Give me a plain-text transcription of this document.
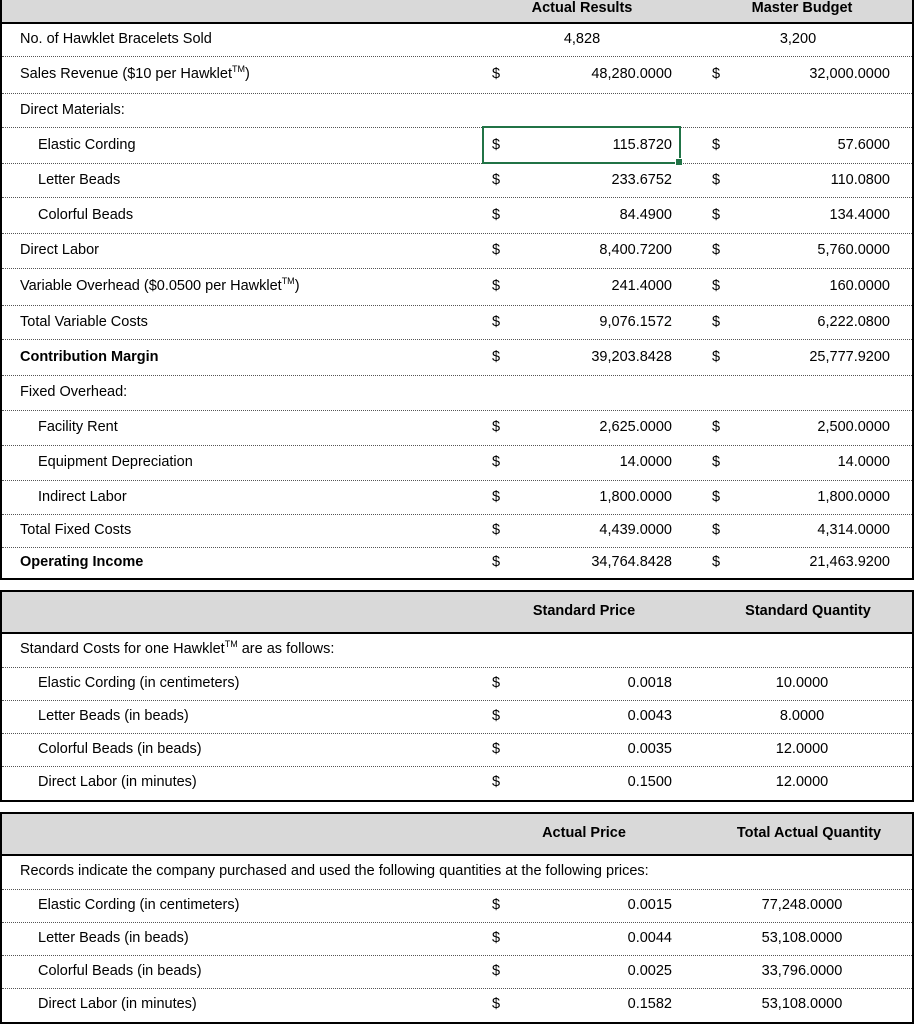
Actual Results	Master Budget
No. of Hawklet Bracelets Sold	4,828	3,200
Sales Revenue ($10 per Hawklet™)	$	48,280.0000	$	32,000.0000
Direct Materials:
Elastic Cording	$	115.8720	$	57.6000
Letter Beads	$	233.6752	$	110.0800
Colorful Beads	$	84.4900	$	134.4000
Direct Labor	$	8,400.7200	$	5,760.0000
Variable Overhead ($0.0500 per Hawklet™)	$	241.4000	$	160.0000
Total Variable Costs	$	9,076.1572	$	6,222.0800
Contribution Margin	$	39,203.8428	$	25,777.9200
Fixed Overhead:
Facility Rent	$	2,625.0000	$	2,500.0000
Equipment Depreciation	$	14.0000	$	14.0000
Indirect Labor	$	1,800.0000	$	1,800.0000
Total Fixed Costs	$	4,439.0000	$	4,314.0000
Operating Income	$	34,764.8428	$	21,463.9200
Standard Price	Standard Quantity
Standard Costs for one Hawklet™ are as follows:
Elastic Cording (in centimeters)	$	0.0018	10.0000
Letter Beads (in beads)	$	0.0043	8.0000
Colorful Beads (in beads)	$	0.0035	12.0000
Direct Labor (in minutes)	$	0.1500	12.0000
Actual Price	Total Actual Quantity
Records indicate the company purchased and used the following quantities at the following prices:
Elastic Cording (in centimeters)	$	0.0015	77,248.0000
Letter Beads (in beads)	$	0.0044	53,108.0000
Colorful Beads (in beads)	$	0.0025	33,796.0000
Direct Labor (in minutes)	$	0.1582	53,108.0000
